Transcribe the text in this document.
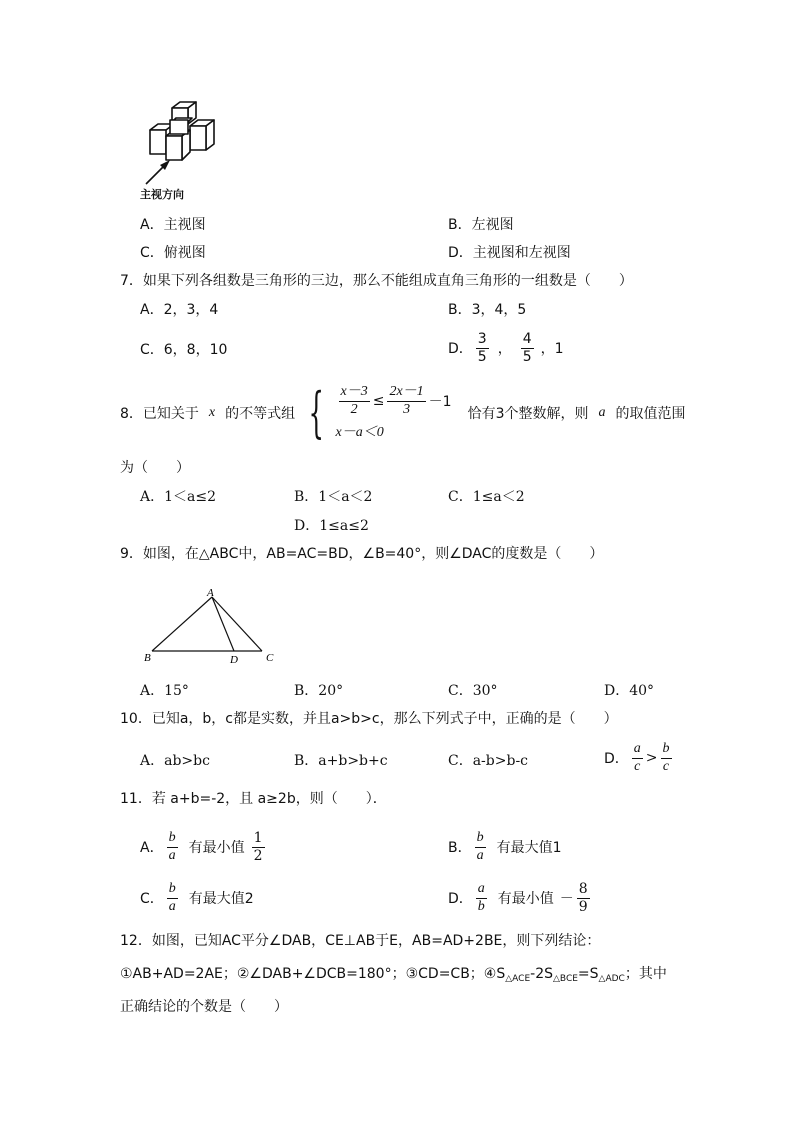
主视方向
A．主视图	B．左视图
C．俯视图	D．主视图和左视图
7．如果下列各组数是三角形的三边，那么不能组成直角三角形的一组数是（　　）
A．2，3，4	B．3，4，5
C．6，8，10	D． $\frac{3}{5}$ ， $\frac{4}{5}$ ，1
8．已知关于 x 的不等式组 { $\frac{x-3}{2} \le \frac{2x-1}{3} -1$
x－a＜0
恰有3个整数解，则 a 的取值范围
为（　　）
A．1＜a≤2	B．1＜a＜2	C．1≤a＜2
D．1≤a≤2
9．如图，在△ABC中，AB=AC=BD，∠B=40°，则∠DAC的度数是（　　）
A
B	D	C
A．15°	B．20°	C．30°	D．40°
10．已知a，b，c都是实数，并且a>b>c，那么下列式子中，正确的是（　　）
A．ab>bc	B．a+b>b+c	C．a-b>b-c	D． $\frac{a}{c} > \frac{b}{c}$
11．若 a+b=-2，且 a≥2b，则（　　）．
A． $\frac{b}{a}$ 有最小值 $\frac{1}{2}$	B． $\frac{b}{a}$ 有最大值1
C． $\frac{b}{a}$ 有最大值2	D． $\frac{a}{b}$ 有最小值 － $\frac{8}{9}$
12．如图，已知AC平分∠DAB，CE⊥AB于E，AB=AD+2BE，则下列结论：
①AB+AD=2AE；②∠DAB+∠DCB=180°；③CD=CB；$④S_{\triangle ACE}-2S_{\triangle BCE}=S_{\triangle ADC}$；其中
正确结论的个数是（　　）
